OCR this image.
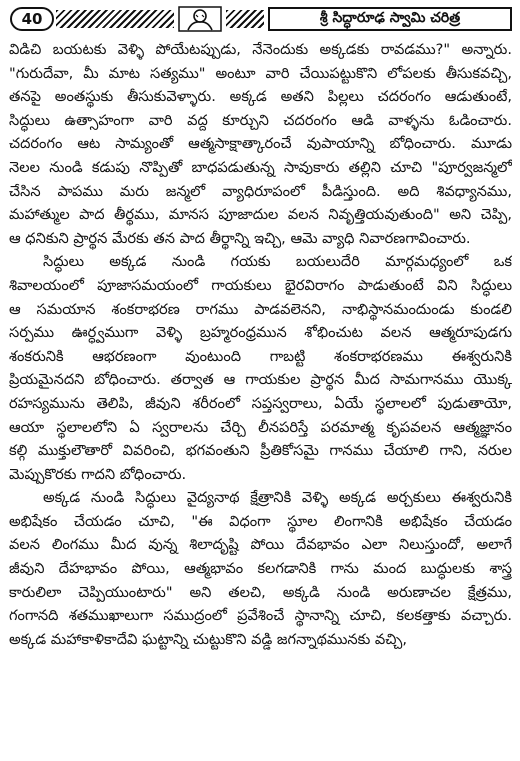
40	శ్రీ సిద్ధారూఢ స్వామి చరిత్ర
విడిచి బయటకు వెళ్ళి పోయేటప్పుడు, నేనెందుకు అక్కడకు రావడము?" అన్నారు.
"గురుదేవా, మీ మాట సత్యము" అంటూ వారి చేయిపట్టుకొని లోపలకు తీసుకవచ్చి,
తనపై అంతస్థుకు తీసుకువెళ్ళారు. అక్కడ అతని పిల్లలు చదరంగం ఆడుతుంటే,
సిద్ధులు ఉత్సాహంగా వారి వద్ద కూర్చుని చదరంగం ఆడి వాళ్ళను ఓడించారు.
చదరంగం ఆట సామ్యంతో ఆత్మసాక్షాత్కారంచే వుపాయాన్ని బోధించారు. మూడు
నెలల నుండి కడుపు నొప్పితో బాధపడుతున్న సావుకారు తల్లిని చూచి "పూర్వజన్మలో
చేసిన పాపము మరు జన్మలో వ్యాధిరూపంలో పీడిస్తుంది. అది శివధ్యానము,
మహాత్ముల పాద తీర్థము, మానస పూజాదుల వలన నివృత్తియవుతుంది" అని చెప్పి,
ఆ ధనికుని ప్రార్థన మేరకు తన పాద తీర్థాన్ని ఇచ్చి, ఆమె వ్యాధి నివారణగావించారు.
సిద్ధులు అక్కడ నుండి గయకు బయలుదేరి మార్గమధ్యంలో ఒక
శివాలయంలో పూజాసమయంలో గాయకులు భైరవిరాగం పాడుతుంటే విని సిద్ధులు
ఆ సమయాన శంకరాభరణ రాగము పాడవలెనని, నాభిస్థానమందుండు కుండలి
సర్పము ఊర్ధ్వముగా వెళ్ళి బ్రహ్మరంధ్రమున శోభించుట వలన ఆత్మరూపుడగు
శంకరునికి ఆభరణంగా వుంటుంది గాబట్టి శంకరాభరణము ఈశ్వరునికి
ప్రియమైనదని బోధించారు. తర్వాత ఆ గాయకుల ప్రార్థన మీద సామగానము యొక్క
రహస్యమును తెలిపి, జీవుని శరీరంలో సప్తస్వరాలు, ఏయే స్థలాలలో పుడుతాయో,
ఆయా స్థలాలలోని ఏ స్వరాలను చేర్చి లీనపరిస్తే పరమాత్మ కృపవలన ఆత్మజ్ఞానం
కల్గి ముక్తులౌతారో వివరించి, భగవంతుని ప్రీతికోసమై గానము చేయాలి గాని, నరుల
మెప్పుకొరకు గాదని బోధించారు.
అక్కడ నుండి సిద్ధులు వైద్యనాథ క్షేత్రానికి వెళ్ళి అక్కడ అర్చకులు ఈశ్వరునికి
అభిషేకం చేయడం చూచి, "ఈ విధంగా స్థూల లింగానికి అభిషేకం చేయడం
వలన లింగము మీద వున్న శిలాదృష్టి పోయి దేవభావం ఎలా నిలుస్తుందో, అలాగే
జీవుని దేహభావం పోయి, ఆత్మభావం కలగడానికి గాను మంద బుద్ధులకు శాస్త్ర
కారులిలా చెప్పియుంటారు" అని తలచి, అక్కడి నుండి అరుణాచల క్షేత్రము,
గంగానది శతముఖాలుగా సముద్రంలో ప్రవేశించే స్థానాన్ని చూచి, కలకత్తాకు వచ్చారు.
అక్కడ మహాకాళికాదేవి ఘట్టాన్ని చుట్టుకొని వడ్డి జగన్నాథమునకు వచ్చి,
